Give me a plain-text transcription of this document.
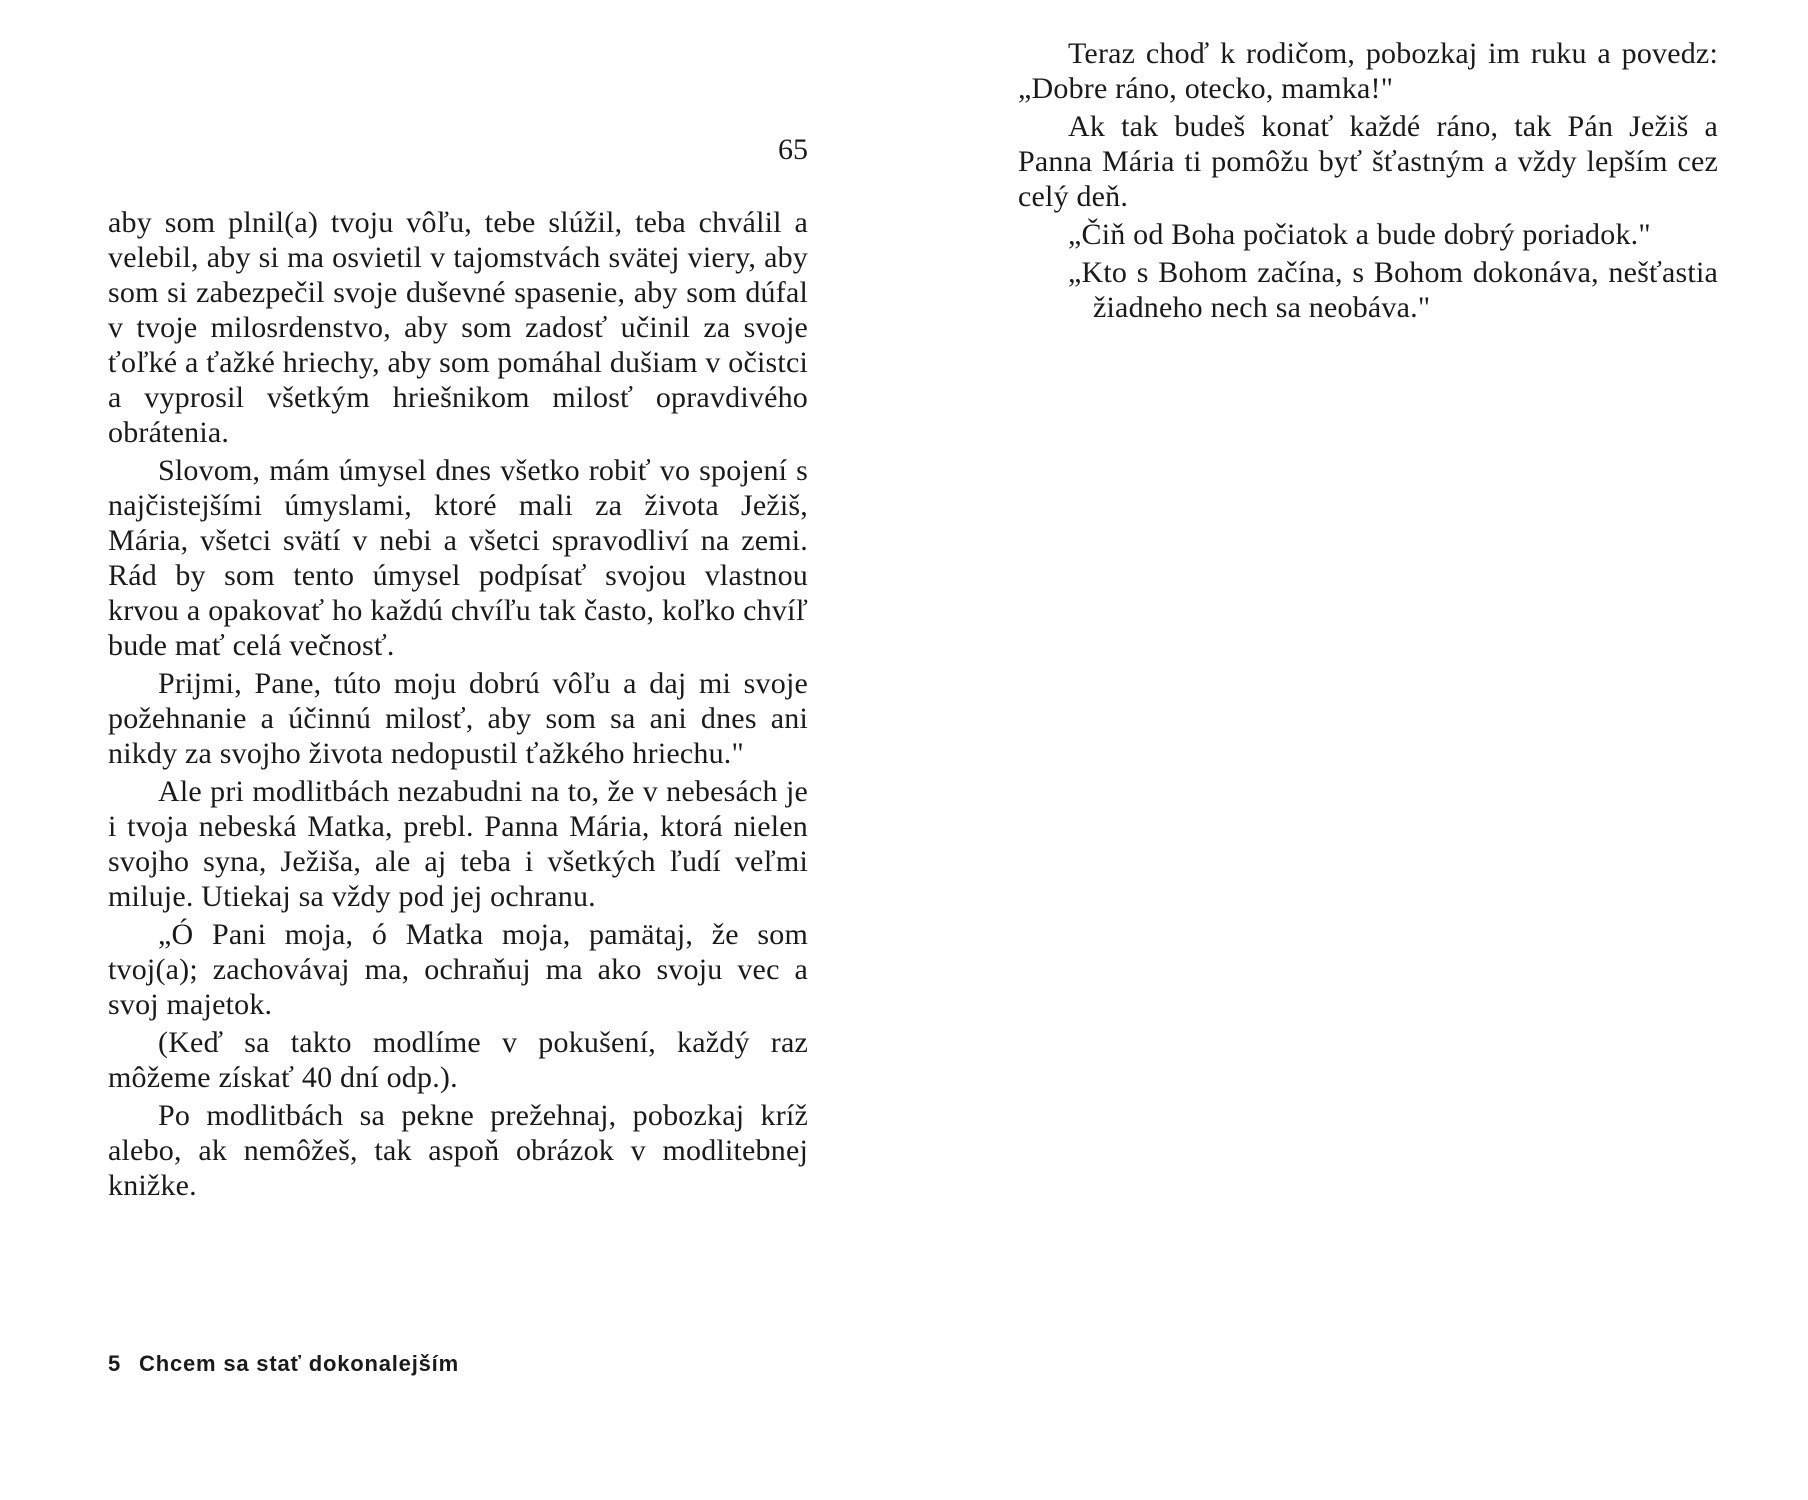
65

aby som plnil(a) tvoju vôľu, tebe slúžil, teba chválil a velebil, aby si ma osvietil v tajomstvách svätej viery, aby som si zabezpečil svoje duševné spasenie, aby som dúfal v tvoje milosrdenstvo, aby som zadosť učinil za svoje ťoľké a ťažké hriechy, aby som pomáhal dušiam v očistci a vyprosil všetkým hriešnikom milosť opravdivého obrátenia.

Slovom, mám úmysel dnes všetko robiť vo spojení s najčistejšími úmyslami, ktoré mali za života Ježiš, Mária, všetci svätí v nebi a všetci spravodliví na zemi. Rád by som tento úmysel podpísať svojou vlastnou krvou a opakovať ho každú chvíľu tak často, koľko chvíľ bude mať celá večnosť.

Prijmi, Pane, túto moju dobrú vôľu a daj mi svoje požehnanie a účinnú milosť, aby som sa ani dnes ani nikdy za svojho života nedopustil ťažkého hriechu."

Ale pri modlitbách nezabudni na to, že v nebesách je i tvoja nebeská Matka, prebl. Panna Mária, ktorá nielen svojho syna, Ježiša, ale aj teba i všetkých ľudí veľmi miluje. Utiekaj sa vždy pod jej ochranu.

„Ó Pani moja, ó Matka moja, pamätaj, že som tvoj(a); zachovávaj ma, ochraňuj ma ako svoju vec a svoj majetok.

(Keď sa takto modlíme v pokušení, každý raz môžeme získať 40 dní odp.).

Po modlitbách sa pekne prežehnaj, pobozkaj kríž alebo, ak nemôžeš, tak aspoň obrázok v modlitebnej knižke.

5 Chcem sa stať dokonalejším

Teraz choď k rodičom, pobozkaj im ruku a povedz: „Dobre ráno, otecko, mamka!"

Ak tak budeš konať každé ráno, tak Pán Ježiš a Panna Mária ti pomôžu byť šťastným a vždy lepším cez celý deň.

„Čiň od Boha počiatok a bude dobrý poriadok."

„Kto s Bohom začína, s Bohom dokonáva, nešťastia žiadneho nech sa neobáva."
